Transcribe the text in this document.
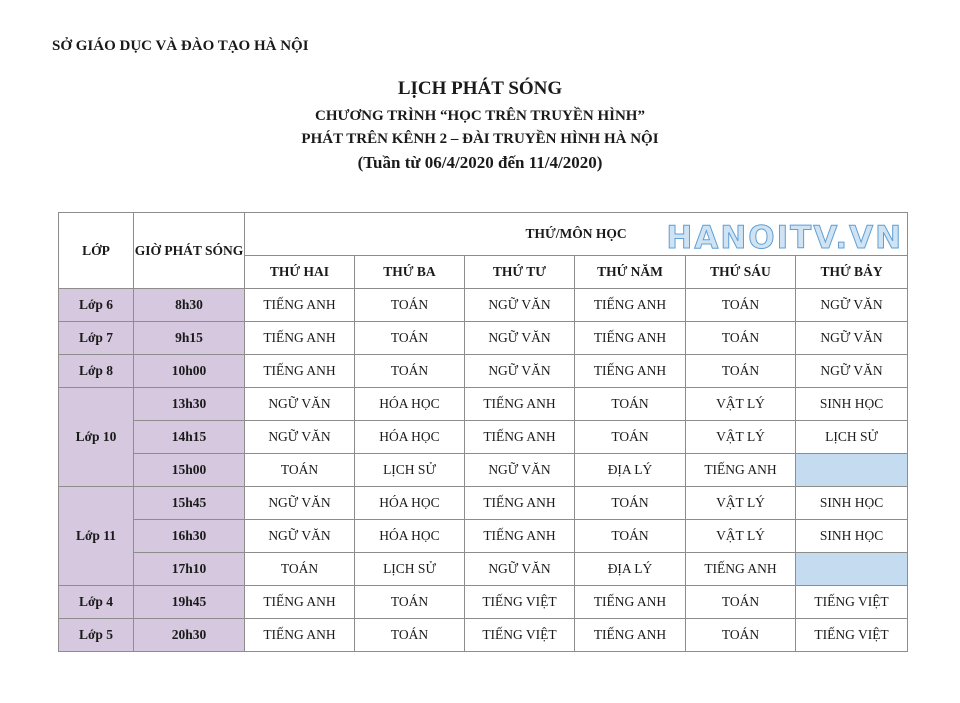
SỞ GIÁO DỤC VÀ ĐÀO TẠO HÀ NỘI
LỊCH PHÁT SÓNG
CHƯƠNG TRÌNH “HỌC TRÊN TRUYỀN HÌNH”
PHÁT TRÊN KÊNH 2 – ĐÀI TRUYỀN HÌNH HÀ NỘI
(Tuần từ 06/4/2020 đến 11/4/2020)
LỚP	GIỜ PHÁT SÓNG	THỨ/MÔN HỌC HANOITV.VN					

		THỨ HAI	THỨ BA	THỨ TƯ	THỨ NĂM	THỨ SÁU	THỨ BẢY
Lớp 6	8h30	TIẾNG ANH	TOÁN	NGỮ VĂN	TIẾNG ANH	TOÁN	NGỮ VĂN
Lớp 7	9h15	TIẾNG ANH	TOÁN	NGỮ VĂN	TIẾNG ANH	TOÁN	NGỮ VĂN
Lớp 8	10h00	TIẾNG ANH	TOÁN	NGỮ VĂN	TIẾNG ANH	TOÁN	NGỮ VĂN
Lớp 10	13h30	NGỮ VĂN	HÓA HỌC	TIẾNG ANH	TOÁN	VẬT LÝ	SINH HỌC
	14h15	NGỮ VĂN	HÓA HỌC	TIẾNG ANH	TOÁN	VẬT LÝ	LỊCH SỬ
	15h00	TOÁN	LỊCH SỬ	NGỮ VĂN	ĐỊA LÝ	TIẾNG ANH	
Lớp 11	15h45	NGỮ VĂN	HÓA HỌC	TIẾNG ANH	TOÁN	VẬT LÝ	SINH HỌC
	16h30	NGỮ VĂN	HÓA HỌC	TIẾNG ANH	TOÁN	VẬT LÝ	SINH HỌC
	17h10	TOÁN	LỊCH SỬ	NGỮ VĂN	ĐỊA LÝ	TIẾNG ANH	
Lớp 4	19h45	TIẾNG ANH	TOÁN	TIẾNG VIỆT	TIẾNG ANH	TOÁN	TIẾNG VIỆT
Lớp 5	20h30	TIẾNG ANH	TOÁN	TIẾNG VIỆT	TIẾNG ANH	TOÁN	TIẾNG VIỆT
